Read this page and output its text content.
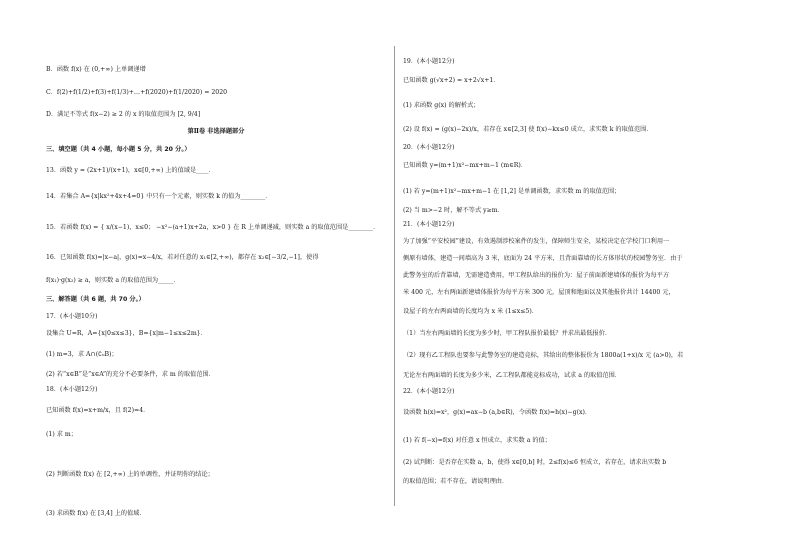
B．函数 f(x) 在 (0,+∞) 上单调递增
C．f(2)+f(1/2)+f(3)+f(1/3)+…+f(2020)+f(1/2020) = 2020
D．满足不等式 f(x−2) ≥ 2 的 x 的取值范围为 [2, 9/4]
第Ⅱ卷 非选择题部分
三、填空题（共 4 小题，每小题 5 分，共 20 分。）
13．函数 y = (2x+1)/(x+1)，x∈[0,+∞) 上的值域是____．
14．若集合 A={x|kx²+4x+4=0} 中只有一个元素，则实数 k 的值为________．
15．若函数 f(x) = { x/(x−1)，x≤0； −x²−(a+1)x+2a，x>0 } 在 R 上单调递减，则实数 a 的取值范围是________．
16．已知函数 f(x)=|x−a|，g(x)=x−4/x，若对任意的 x₁∈[2,+∞)，都存在 x₂∈[−3/2,−1]，使得
f(x₁)·g(x₂) ≥ a，则实数 a 的取值范围为_____．
三、解答题（共 6 题，共 70 分。）
17．(本小题10分)
设集合 U=R，A={x|0≤x≤3}，B={x|m−1≤x≤2m}．
(1) m=3，求 A∩(∁ᵤB)；
(2) 若“x∈B”是“x∈A”的充分不必要条件，求 m 的取值范围．
18．(本小题12分)
已知函数 f(x)=x+m/x，且 f(2)=4．
(1) 求 m；
(2) 判断函数 f(x) 在 [2,+∞) 上的单调性，并证明你的结论；
(3) 求函数 f(x) 在 [3,4] 上的值域．
19．(本小题12分)
已知函数 g(√x+2) = x+2√x+1．
(1) 求函数 g(x) 的解析式；
(2) 设 f(x) = (g(x)−2x)/x，若存在 x∈[2,3] 使 f(x)−kx≤0 成立，求实数 k 的取值范围．
20．(本小题12分)
已知函数 y=(m+1)x²−mx+m−1 (m∈R)．
(1) 若 y=(m+1)x²−mx+m−1 在 [1,2] 是单调函数，求实数 m 的取值范围；
(2) 当 m>−2 时，解不等式 y≥m．
21．(本小题12分)
为了加强“平安校园”建设，有效遏制涉校案件的发生，保障师生安全，某校决定在学校门口利用一
侧原有墙体，建造一间墙高为 3 米，底面为 24 平方米，且背面靠墙的长方体形状的校园警务室．由于
此警务室的后背靠墙，无需建造费用，甲工程队给出的报价为：屋子前面新建墙体的报价为每平方
米 400 元，左右两面新建墙体报价为每平方米 300 元，屋顶和地面以及其他报价共计 14400 元，
设屋子的左右两面墙的长度均为 x 米 (1≤x≤5)．
（1）当左右两面墙的长度为多少时，甲工程队报价最低？并求出最低报价．
（2）现有乙工程队也要参与此警务室的建造竞标，其给出的整体报价为 1800a(1+x)/x 元 (a>0)，若
无论左右两面墙的长度为多少米，乙工程队都能竞标成功，试求 a 的取值范围．
22．(本小题12分)
设函数 h(x)=x²，g(x)=ax−b (a,b∈R)，令函数 f(x)=h(x)−g(x)．
(1) 若 f(−x)=f(x) 对任意 x 恒成立，求实数 a 的值；
(2) 试判断：是否存在实数 a，b，使得 x∈[0,b] 时，2≤f(x)≤6 恒成立，若存在，请求出实数 b
的取值范围；若不存在，请说明理由．
